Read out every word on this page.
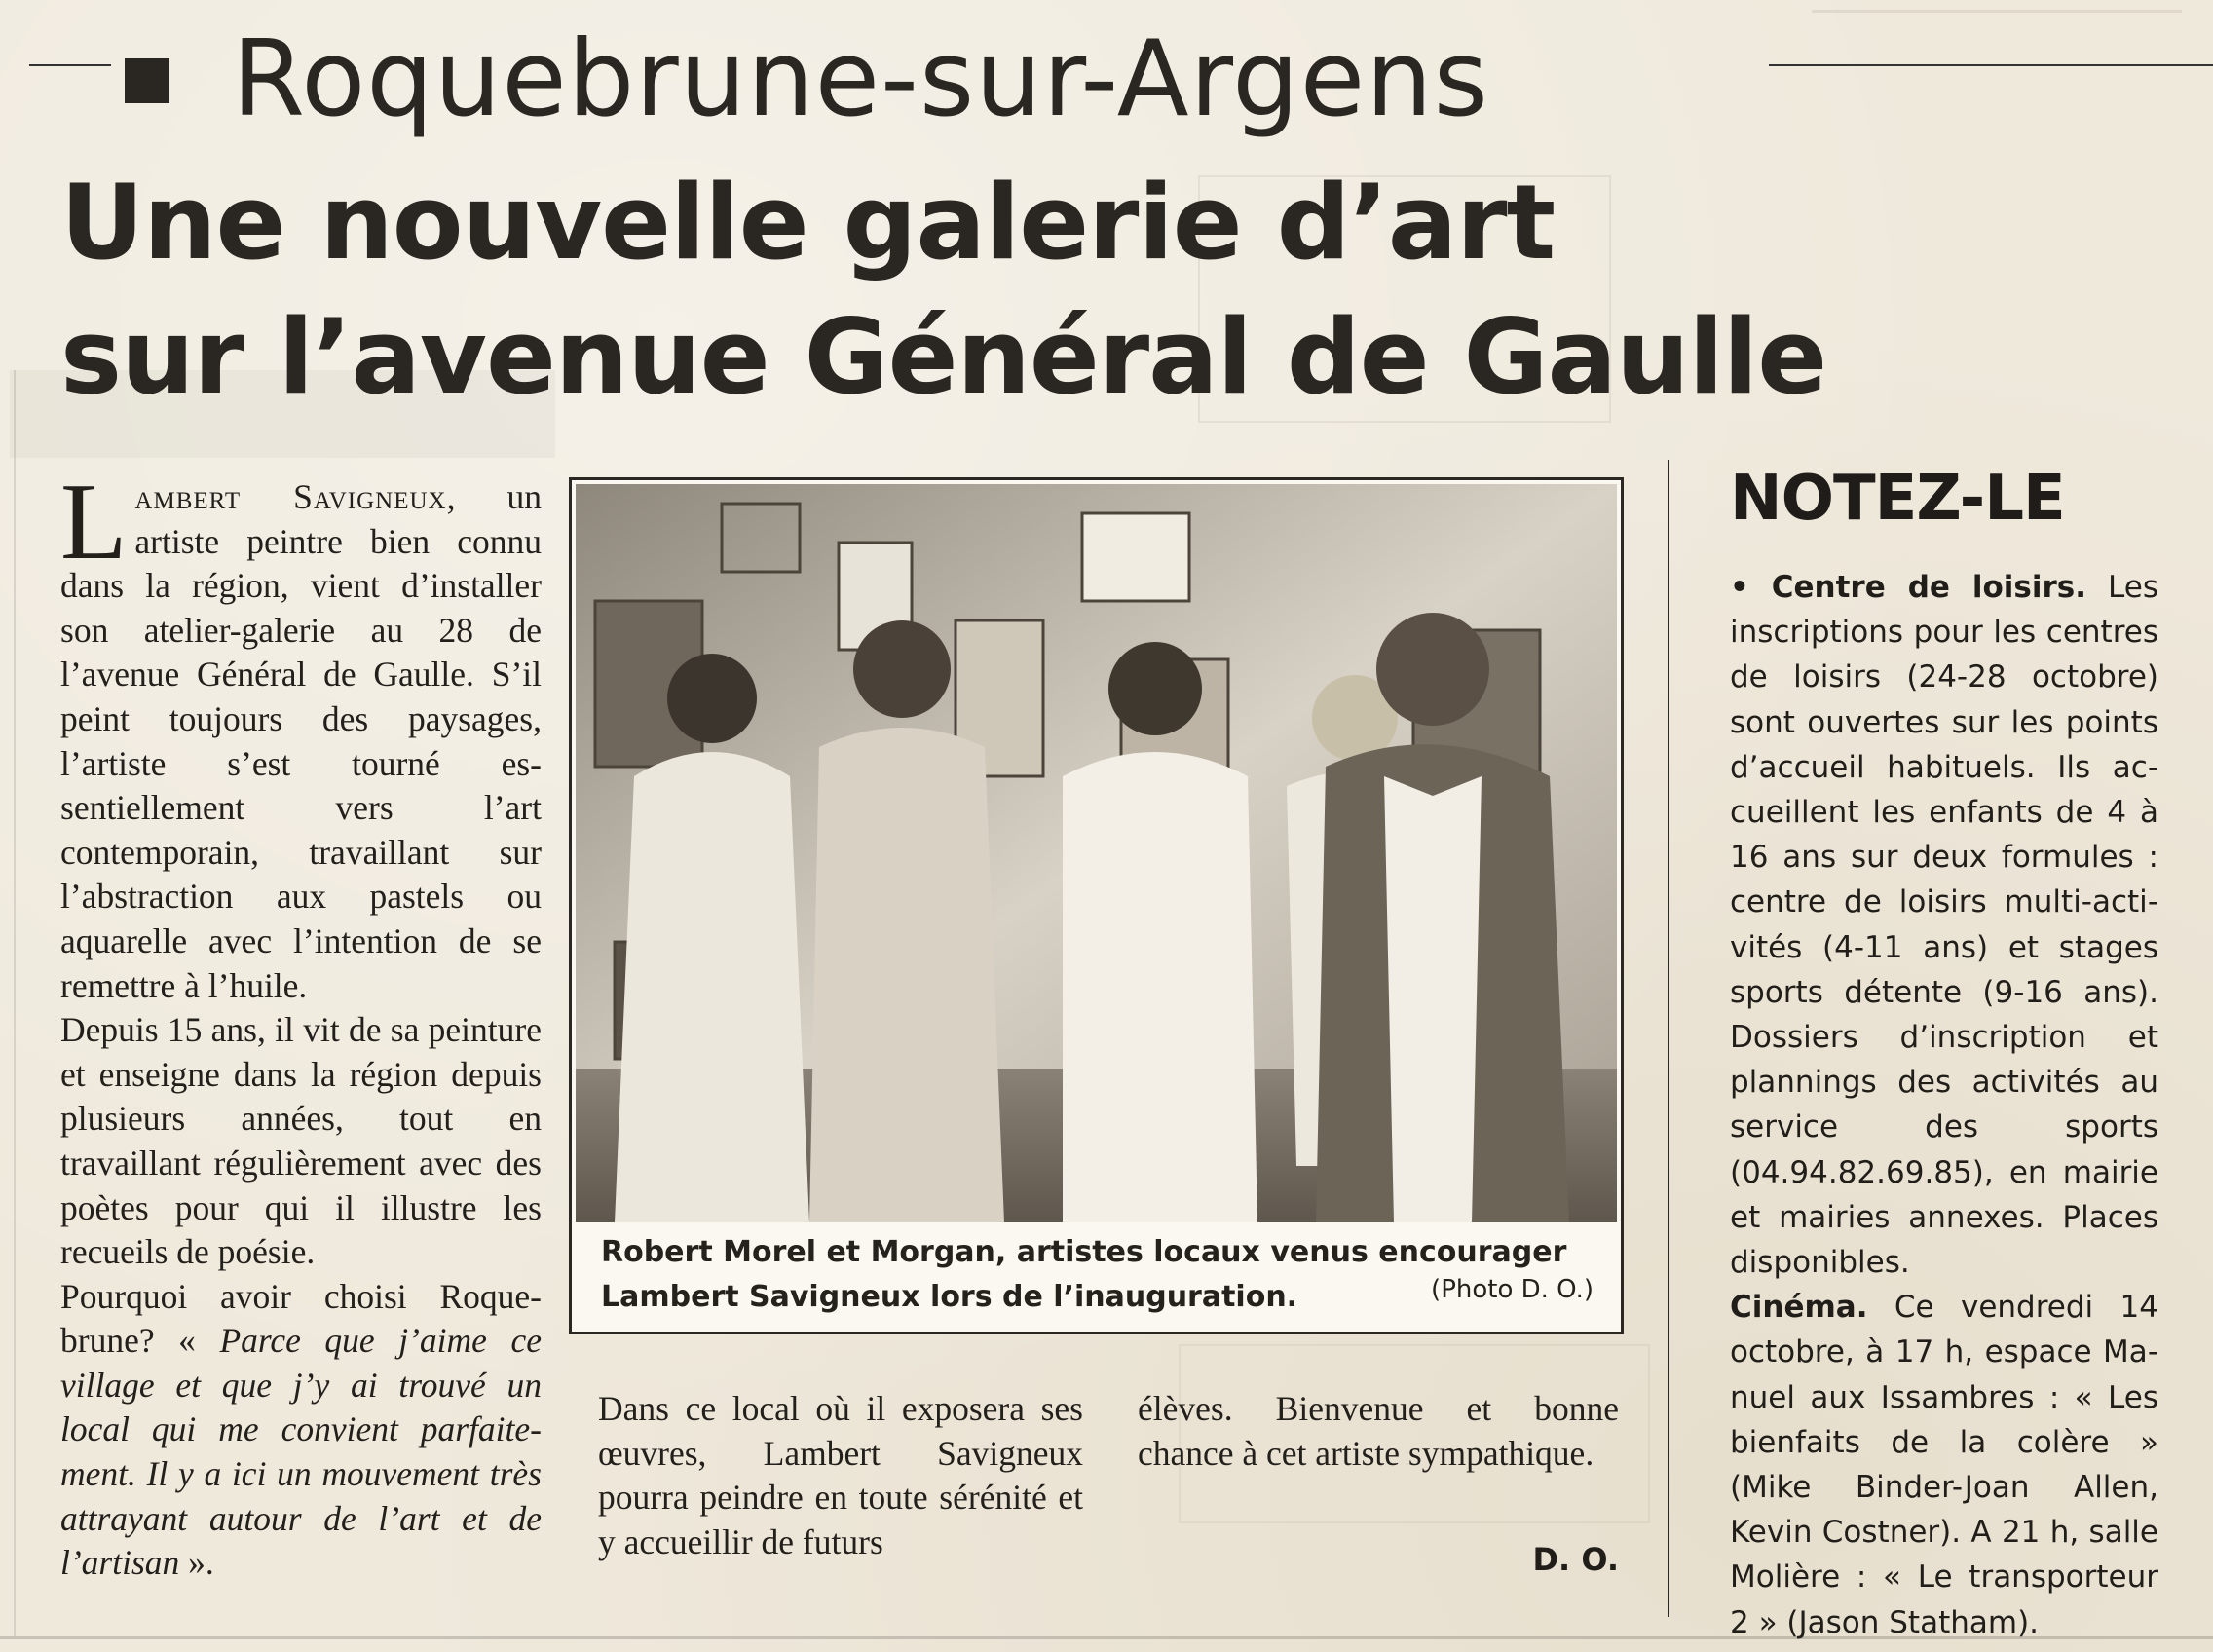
Roquebrune-sur-Argens
Une nouvelle galerie d’art
sur l’avenue Général de Gaulle

Lambert Savigneux, un artiste peintre bien connu dans la région, vient d’installer son atelier-galerie au 28 de l’avenue Général de Gaulle. S’il peint toujours des paysages, l’artiste s’est tourné essentiellement vers l’art contemporain, travaillant sur l’abstraction aux pastels ou aquarelle avec l’intention de se remettre à l’huile.

Depuis 15 ans, il vit de sa peinture et enseigne dans la région depuis plusieurs années, tout en travaillant régulièrement avec des poètes pour qui il illustre les recueils de poésie.

Pourquoi avoir choisi Roquebrune? « Parce que j’aime ce village et que j’y ai trouvé un local qui me convient parfaitement. Il y a ici un mouvement très attrayant autour de l’art et de l’artisan ».

Robert Morel et Morgan, artistes locaux venus encourager Lambert Savigneux lors de l’inauguration.	(Photo D. O.)
Dans ce local où il exposera ses œuvres, Lambert Savigneux pourra peindre en toute sérénité et y accueillir de futurs
élèves. Bienvenue et bonne chance à cet artiste sympathique.
D. O.
NOTEZ-LE

• Centre de loisirs. Les inscriptions pour les centres de loisirs (24-28 octobre) sont ouvertes sur les points d’accueil habituels. Ils accueillent les enfants de 4 à 16 ans sur deux formules : centre de loisirs multi-activités (4-11 ans) et stages sports détente (9-16 ans). Dossiers d’inscription et plannings des activités au service des sports (04.94.82.69.85), en mairie et mairies annexes. Places disponibles.

Cinéma. Ce vendredi 14 octobre, à 17 h, espace Manuel aux Issambres : « Les bienfaits de la colère » (Mike Binder-Joan Allen, Kevin Costner). A 21 h, salle Molière : « Le transporteur 2 » (Jason Statham).
